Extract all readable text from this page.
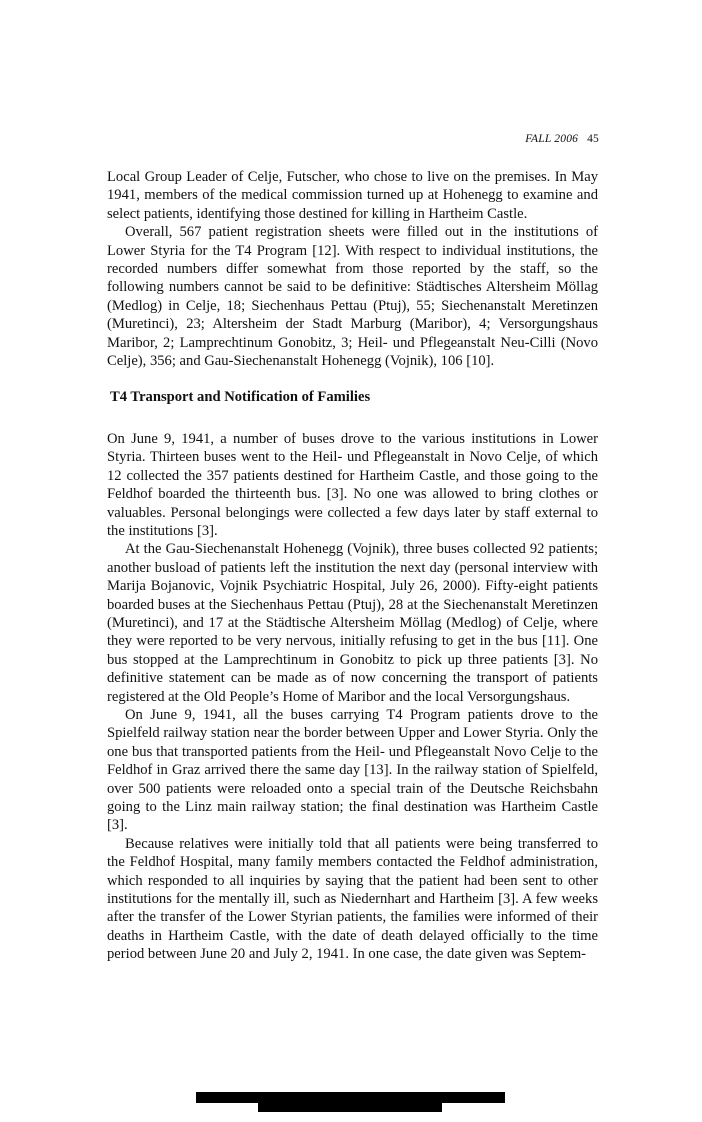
FALL 2006 45

Local Group Leader of Celje, Futscher, who chose to live on the premises. In May 1941, members of the medical commission turned up at Hohenegg to examine and select patients, identifying those destined for killing in Hartheim Castle.

Overall, 567 patient registration sheets were filled out in the institutions of Lower Styria for the T4 Program [12]. With respect to individual institutions, the recorded numbers differ somewhat from those reported by the staff, so the following numbers cannot be said to be definitive: Städtisches Altersheim Möllag (Medlog) in Celje, 18; Siechenhaus Pettau (Ptuj), 55; Siechenanstalt Meretinzen (Muretinci), 23; Altersheim der Stadt Marburg (Maribor), 4; Versorgungshaus Maribor, 2; Lamprechtinum Gonobitz, 3; Heil- und Pflegeanstalt Neu-Cilli (Novo Celje), 356; and Gau-Siechenanstalt Hohenegg (Vojnik), 106 [10].

T4 Transport and Notification of Families

On June 9, 1941, a number of buses drove to the various institutions in Lower Styria. Thirteen buses went to the Heil- und Pflegeanstalt in Novo Celje, of which 12 collected the 357 patients destined for Hartheim Castle, and those going to the Feldhof boarded the thirteenth bus. [3]. No one was allowed to bring clothes or valuables. Personal belongings were collected a few days later by staff external to the institutions [3].

At the Gau-Siechenanstalt Hohenegg (Vojnik), three buses collected 92 patients; another busload of patients left the institution the next day (personal interview with Marija Bojanovic, Vojnik Psychiatric Hospital, July 26, 2000). Fifty-eight patients boarded buses at the Siechenhaus Pettau (Ptuj), 28 at the Siechenanstalt Meretinzen (Muretinci), and 17 at the Städtische Altersheim Möllag (Medlog) of Celje, where they were reported to be very nervous, initially refusing to get in the bus [11]. One bus stopped at the Lamprechtinum in Gonobitz to pick up three patients [3]. No definitive statement can be made as of now concerning the transport of patients registered at the Old People’s Home of Maribor and the local Versorgungshaus.

On June 9, 1941, all the buses carrying T4 Program patients drove to the Spielfeld railway station near the border between Upper and Lower Styria. Only the one bus that transported patients from the Heil- und Pflegeanstalt Novo Celje to the Feldhof in Graz arrived there the same day [13]. In the railway station of Spielfeld, over 500 patients were reloaded onto a special train of the Deutsche Reichsbahn going to the Linz main railway station; the final destination was Hartheim Castle [3].

Because relatives were initially told that all patients were being transferred to the Feldhof Hospital, many family members contacted the Feldhof administration, which responded to all inquiries by saying that the patient had been sent to other institutions for the mentally ill, such as Niedernhart and Hartheim [3]. A few weeks after the transfer of the Lower Styrian patients, the families were informed of their deaths in Hartheim Castle, with the date of death delayed officially to the time period between June 20 and July 2, 1941. In one case, the date given was Septem-
